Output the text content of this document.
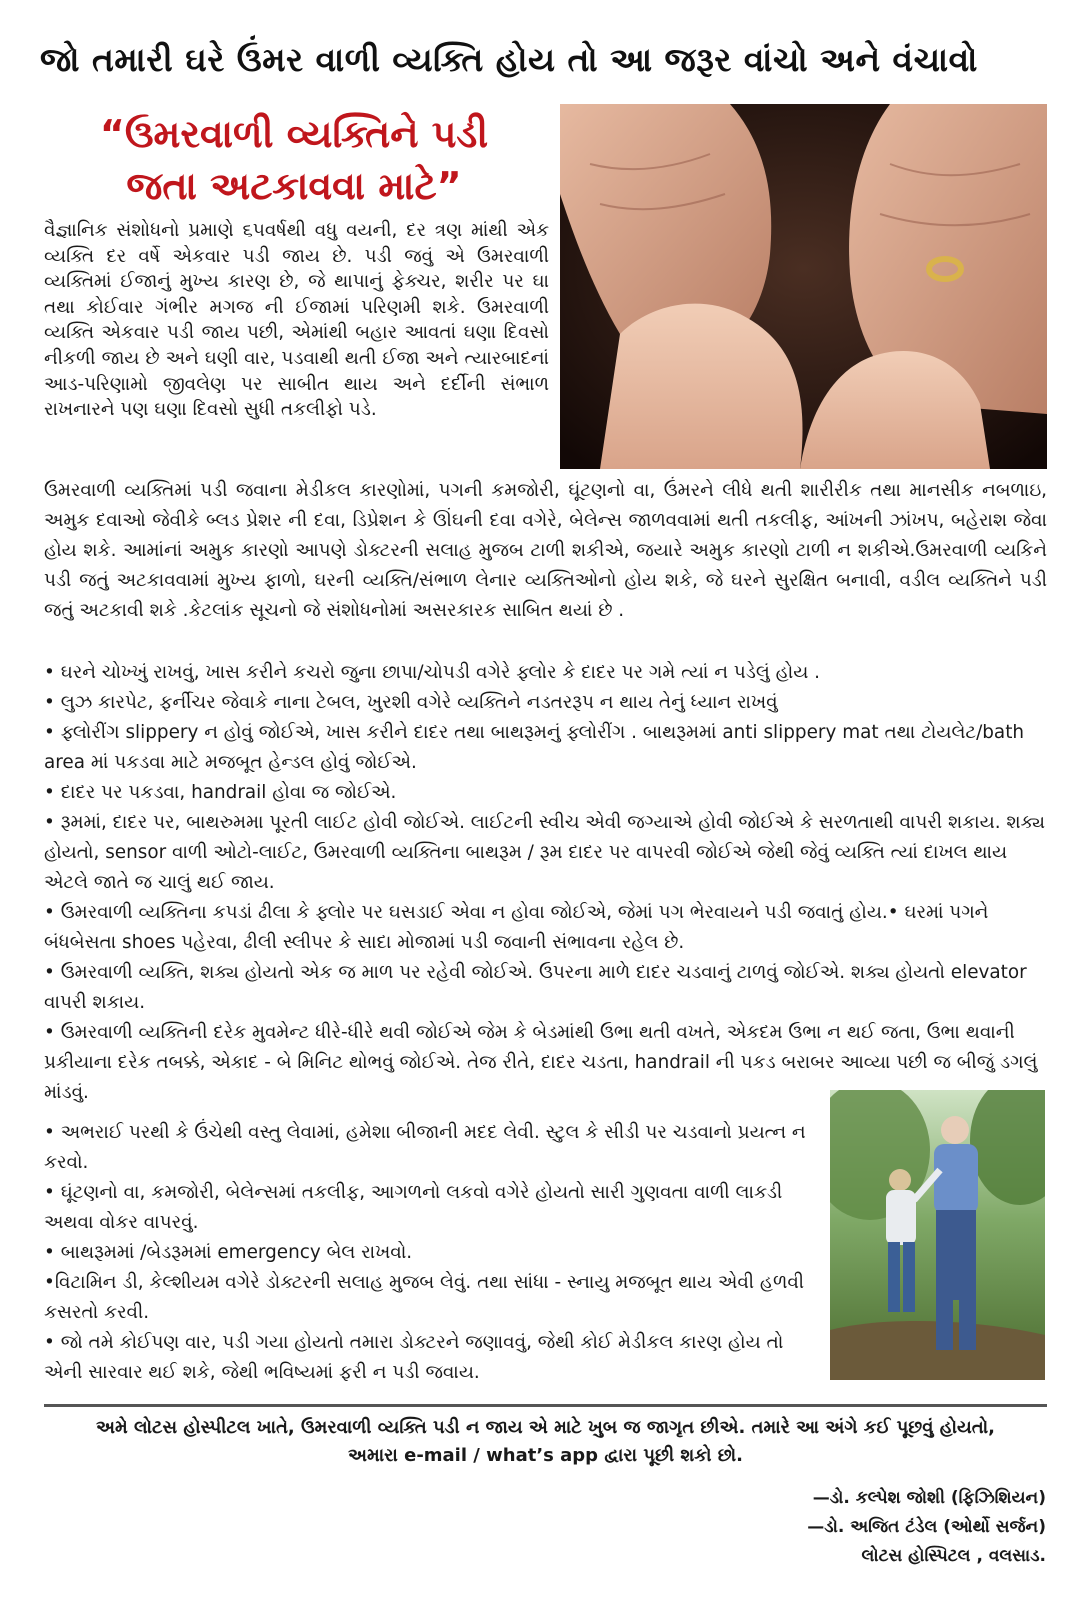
જો તમારી ઘરે ઉંમર વાળી વ્યક્તિ હોય તો આ જરૂર વાંચો અને વંચાવો
“ઉમરવાળી વ્યક્તિને પડી
જતા અટકાવવા માટે”
વૈજ્ઞાનિક સંશોધનો પ્રમાણે ૬૫વર્ષથી વધુ વયની, દર ત્રણ માંથી એક વ્યક્તિ દર વર્ષે એકવાર પડી જાય છે. પડી જવું એ ઉમરવાળી વ્યક્તિમાં ઈજાનું મુખ્ય કારણ છે, જે થાપાનું ફેક્ચર, શરીર પર ઘા તથા કોઈવાર ગંભીર મગજ ની ઈજામાં પરિણમી શકે. ઉમરવાળી વ્યક્તિ એકવાર પડી જાય પછી, એમાંથી બહાર આવતાં ઘણા દિવસો નીકળી જાય છે અને ઘણી વાર, પડવાથી થતી ઈજા અને ત્યારબાદનાં આડ-પરિણામો જીવલેણ પર સાબીત થાય અને દર્દીની સંભાળ રાખનારને પણ ઘણા દિવસો સુધી તકલીફો પડે.
ઉમરવાળી વ્યક્તિમાં પડી જવાના મેડીકલ કારણોમાં, પગની કમજોરી, ઘૂંટણનો વા, ઉંમરને લીધે થતી શારીરીક તથા માનસીક નબળાઇ, અમુક દવાઓ જેવીકે બ્લડ પ્રેશર ની દવા, ડિપ્રેશન કે ઊંઘની દવા વગેરે, બેલેન્સ જાળવવામાં થતી તકલીફ, આંખની ઝાંખપ, બહેરાશ જેવા હોય શકે. આમાંનાં અમુક કારણો આપણે ડોક્ટરની સલાહ મુજબ ટાળી શકીએ, જયારે અમુક કારણો ટાળી ન શકીએ.ઉમરવાળી વ્યકિને પડી જતું અટકાવવામાં મુખ્ય ફાળો, ઘરની વ્યક્તિ/સંભાળ લેનાર વ્યક્તિઓનો હોય શકે, જે ઘરને સુરક્ષિત બનાવી, વડીલ વ્યક્તિને પડી જતું અટકાવી શકે .કેટલાંક સૂચનો જે સંશોધનોમાં અસરકારક સાબિત થયાં છે .

• ઘરને ચોખ્ખું રાખવું, ખાસ કરીને કચરો જુના છાપા/ચોપડી વગેરે ફ્લોર કે દાદર પર ગમે ત્યાં ન પડેલું હોય .

• લુઝ કારપેટ, ફર્નીચર જેવાકે નાના ટેબલ, ખુરશી વગેરે વ્યક્તિને નડતરરૂપ ન થાય તેનું ધ્યાન રાખવું

• ફ્લોરીંગ slippery ન હોવું જોઈએ, ખાસ કરીને દાદર તથા બાથરૂમનું ફ્લોરીંગ . બાથરૂમમાં anti slippery mat તથા ટોયલેટ/bath area માં પકડવા માટે મજબૂત હેન્ડલ હોવું જોઈએ.

• દાદર પર પકડવા, handrail હોવા જ જોઈએ.

• રૂમમાં, દાદર પર, બાથરુમમા પૂરતી લાઈટ હોવી જોઈએ. લાઈટની સ્વીચ એવી જગ્યાએ હોવી જોઈએ કે સરળતાથી વાપરી શકાય. શક્ય હોયતો, sensor વાળી ઓટો-લાઈટ, ઉમરવાળી વ્યક્તિના બાથરૂમ / રૂમ દાદર પર વાપરવી જોઈએ જેથી જેવું વ્યક્તિ ત્યાં દાખલ થાય એટલે જાતે જ ચાલું થઈ જાય.

• ઉમરવાળી વ્યક્તિના કપડાં ઢીલા કે ફ્લોર પર ઘસડાઈ એવા ન હોવા જોઈએ, જેમાં પગ ભેરવાયને પડી જવાતું હોય.• ઘરમાં પગને બંધબેસતા shoes પહેરવા, ઢીલી સ્લીપર કે સાદા મોજામાં પડી જવાની સંભાવના રહેલ છે.

• ઉમરવાળી વ્યક્તિ, શક્ય હોયતો એક જ માળ પર રહેવી જોઈએ. ઉપરના માળે દાદર ચડવાનું ટાળવું જોઈએ. શક્ય હોયતો elevator વાપરી શકાય.

• ઉમરવાળી વ્યક્તિની દરેક મુવમેન્ટ ધીરે-ધીરે થવી જોઈએ જેમ કે બેડમાંથી ઉભા થતી વખતે, એકદમ ઉભા ન થઈ જતા, ઉભા થવાની પ્રકીયાના દરેક તબક્કે, એકાદ - બે મિનિટ થોભવું જોઈએ. તેજ રીતે, દાદર ચડતા, handrail ની પકડ બરાબર આવ્યા પછી જ બીજું ડગલું માંડવું.

• અભરાઈ પરથી કે ઉંચેથી વસ્તુ લેવામાં, હમેશા બીજાની મદદ લેવી. સ્ટુલ કે સીડી પર ચડવાનો પ્રયત્ન ન કરવો.

• ઘૂંટણનો વા, કમજોરી, બેલેન્સમાં તકલીફ, આગળનો લકવો વગેરે હોયતો સારી ગુણવતા વાળી લાકડી અથવા વોકર વાપરવું.

• બાથરૂમમાં /બેડરૂમમાં emergency બેલ રાખવો.

•વિટામિન ડી, કેલ્શીયમ વગેરે ડોક્ટરની સલાહ મુજબ લેવું. તથા સાંધા - સ્નાયુ મજબૂત થાય એવી હળવી કસરતો કરવી.

• જો તમે કોઈપણ વાર, પડી ગયા હોયતો તમારા ડોક્ટરને જણાવવું, જેથી કોઈ મેડીકલ કારણ હોય તો એની સારવાર થઈ શકે, જેથી ભવિષ્યમાં ફરી ન પડી જવાય.

અમે લોટસ હોસ્પીટલ ખાતે, ઉમરવાળી વ્યક્તિ પડી ન જાય એ માટે ખુબ જ જાગૃત છીએ. તમારે આ અંગે કઈ પૂછવું હોયતો,
અમારા e-mail / what’s app દ્વારા પૂછી શકો છો.
—ડો. કલ્પેશ જોશી (ફિઝિશિયન)
—ડો. અજિત ટંડેલ (ઓર્થો સર્જન)
લોટસ હોસ્પિટલ , વલસાડ.
